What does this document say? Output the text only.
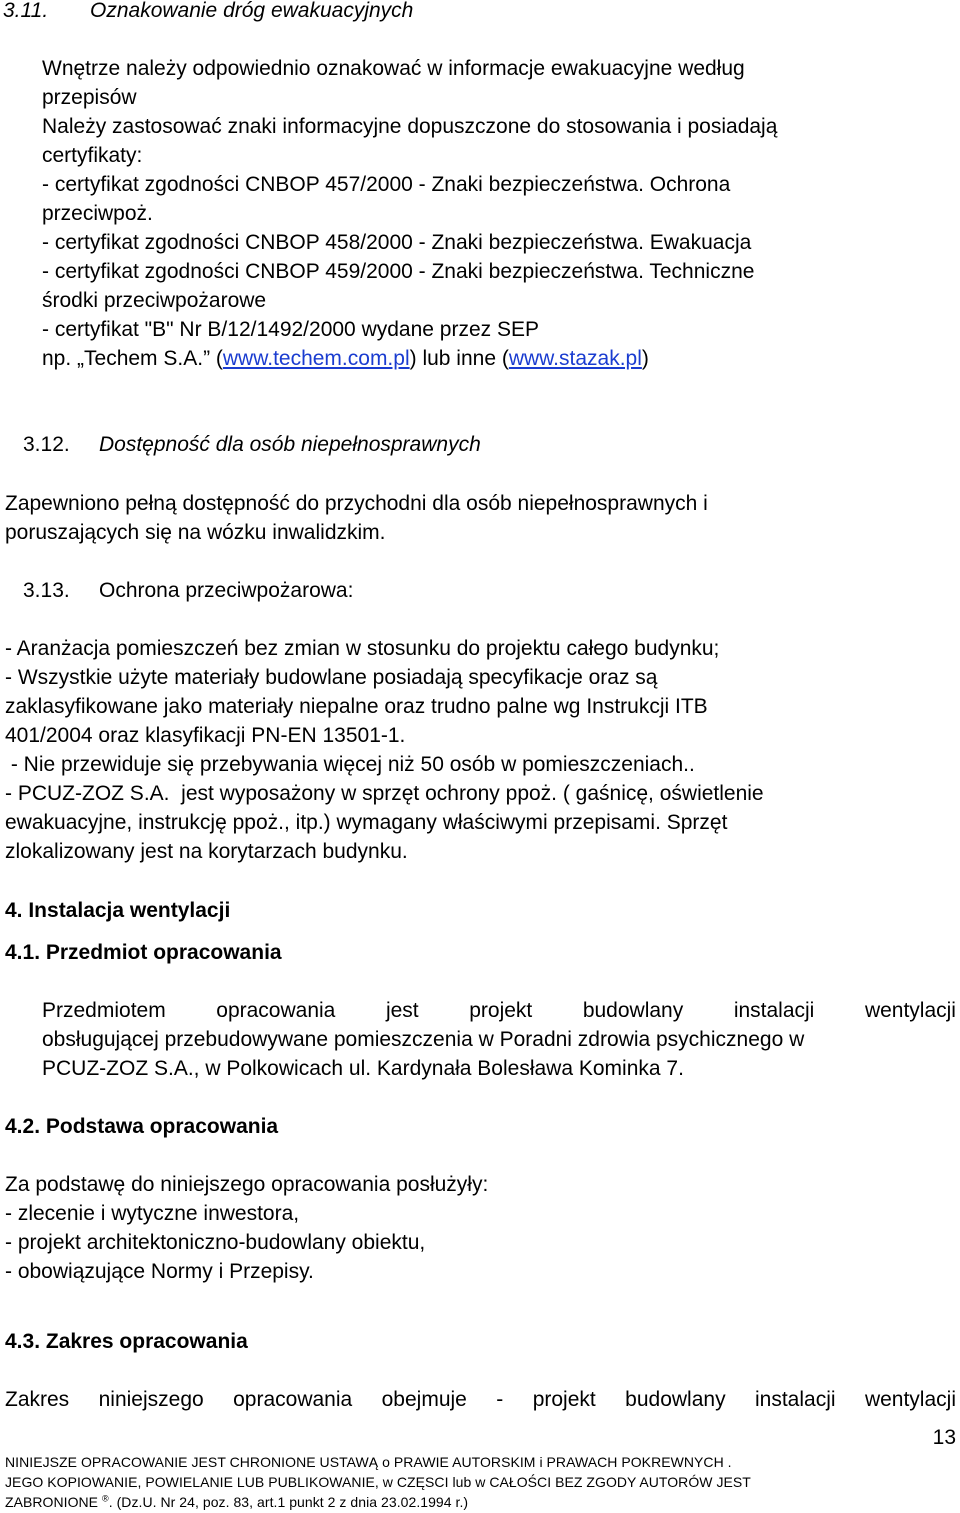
3.11. Oznakowanie dróg ewakuacyjnych

Wnętrze należy odpowiednio oznakować w informacje ewakuacyjne według

przepisów

Należy zastosować znaki informacyjne dopuszczone do stosowania i posiadają

certyfikaty:

- certyfikat zgodności CNBOP 457/2000 - Znaki bezpieczeństwa. Ochrona

przeciwpoż.

- certyfikat zgodności CNBOP 458/2000 - Znaki bezpieczeństwa. Ewakuacja

- certyfikat zgodności CNBOP 459/2000 - Znaki bezpieczeństwa. Techniczne

środki przeciwpożarowe

- certyfikat "B" Nr B/12/1492/2000 wydane przez SEP

np. „Techem S.A.” (www.techem.com.pl) lub inne (www.stazak.pl)

3.12. Dostępność dla osób niepełnosprawnych

Zapewniono pełną dostępność do przychodni dla osób niepełnosprawnych i

poruszających się na wózku inwalidzkim.

3.13. Ochrona przeciwpożarowa:

- Aranżacja pomieszczeń bez zmian w stosunku do projektu całego budynku;

- Wszystkie użyte materiały budowlane posiadają specyfikacje oraz są

zaklasyfikowane jako materiały niepalne oraz trudno palne wg Instrukcji ITB

401/2004 oraz klasyfikacji PN-EN 13501-1.

- Nie przewiduje się przebywania więcej niż 50 osób w pomieszczeniach..

- PCUZ-ZOZ S.A.  jest wyposażony w sprzęt ochrony ppoż. ( gaśnicę, oświetlenie

ewakuacyjne, instrukcję ppoż., itp.) wymagany właściwymi przepisami. Sprzęt

zlokalizowany jest na korytarzach budynku.

4. Instalacja wentylacji
4.1. Przedmiot opracowania
Przedmiotem opracowania jest projekt budowlany instalacji wentylacji

obsługującej przebudowywane pomieszczenia w Poradni zdrowia psychicznego w

PCUZ-ZOZ S.A., w Polkowicach ul. Kardynała Bolesława Kominka 7.

4.2. Podstawa opracowania

Za podstawę do niniejszego opracowania posłużyły:

- zlecenie i wytyczne inwestora,

- projekt architektoniczno-budowlany obiektu,

- obowiązujące Normy i Przepisy.

4.3. Zakres opracowania
Zakres niniejszego opracowania obejmuje - projekt budowlany instalacji wentylacji
13

NINIEJSZE OPRACOWANIE JEST CHRONIONE USTAWĄ o PRAWIE AUTORSKIM i PRAWACH POKREWNYCH .

JEGO KOPIOWANIE, POWIELANIE LUB PUBLIKOWANIE, w CZĘSCI lub w CAŁOŚCI BEZ ZGODY AUTORÓW JEST

ZABRONIONE ®. (Dz.U. Nr 24, poz. 83, art.1 punkt 2 z dnia 23.02.1994 r.)
